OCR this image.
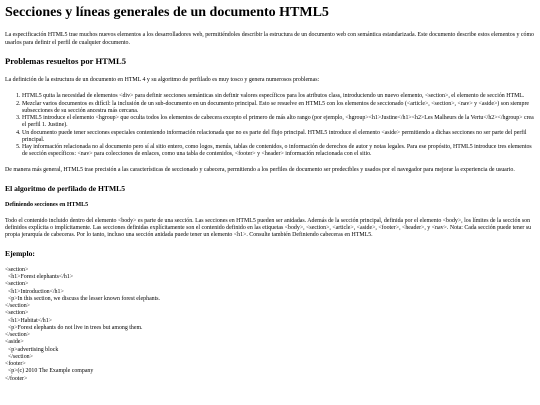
Secciones y líneas generales de un documento HTML5

La especificación HTML5 trae muchos nuevos elementos a los desarrolladores web, permitiéndoles describir la estructura de un documento web con semántica estandarizada. Este documento describe estos elementos y cómo usarlos para definir el perfil de cualquier documento.

Problemas resueltos por HTML5

La definición de la estructura de un documento en HTML 4 y su algoritmo de perfilado es muy tosco y genera numerosos problemas:

1. HTML5 quita la necesidad de elementos <div> para definir secciones semánticas sin definir valores específicos para los atributos class, introduciendo un nuevo elemento, <section>, el elemento de sección HTML.
2. Mezclar varios documentos es difícil: la inclusión de un sub-documento en un documento principal. Esto se resuelve en HTML5 con los elementos de seccionado (<article>, <section>, <nav> y <aside>) son siempre subsecciones de su sección ancestra más cercana.
3. HTML5 introduce el elemento <hgroup> que oculta todos los elementos de cabecera excepto el primero de más alto rango (por ejemplo, <hgroup><h1>Justine</h1><h2>Les Malheurs de la Vertu</h2></hgroup> crea el perfil 1. Justine).
4. Un documento puede tener secciones especiales conteniendo información relacionada que no es parte del flujo principal. HTML5 introduce el elemento <aside> permitiendo a dichas secciones no ser parte del perfil principal.
5. Hay información relacionada no al documento pero sí al sitio entero, como logos, menús, tablas de contenidos, o información de derechos de autor y notas legales. Para ese propósito, HTML5 introduce tres elementos de sección específicos: <nav> para colecciones de enlaces, como una tabla de contenidos, <footer> y <header> información relacionada con el sitio.

De manera más general, HTML5 trae precisión a las características de seccionado y cabecera, permitiendo a los perfiles de documento ser predecibles y usados por el navegador para mejorar la experiencia de usuario.

El algoritmo de perfilado de HTML5
Definiendo secciones en HTML5

Todo el contenido incluido dentro del elemento <body> es parte de una sección. Las secciones en HTML5 pueden ser anidadas. Además de la sección principal, definida por el elemento <body>, los límites de la sección son definidos explícita o implícitamente. Las secciones definidas explícitamente son el contenido definido en las etiquetas <body>, <section>, <article>, <aside>, <footer>, <header>, y <nav>. Nota: Cada sección puede tener su propia jerarquía de cabeceras. Por lo tanto, incluso una sección anidada puede tener un elemento <h1>. Consulte también Definiendo cabeceras en HTML5.

Ejemplo:
<section>
<h1>Forest elephants</h1>
<section>
<h1>Introduction</h1>
<p>In this section, we discuss the lesser known forest elephants.
</section>
<section>
<h1>Habitat</h1>
<p>Forest elephants do not live in trees but among them.
</section>
<aside>
<p>advertising block
</section>
<footer>
<p>(c) 2010 The Example company
</footer>
